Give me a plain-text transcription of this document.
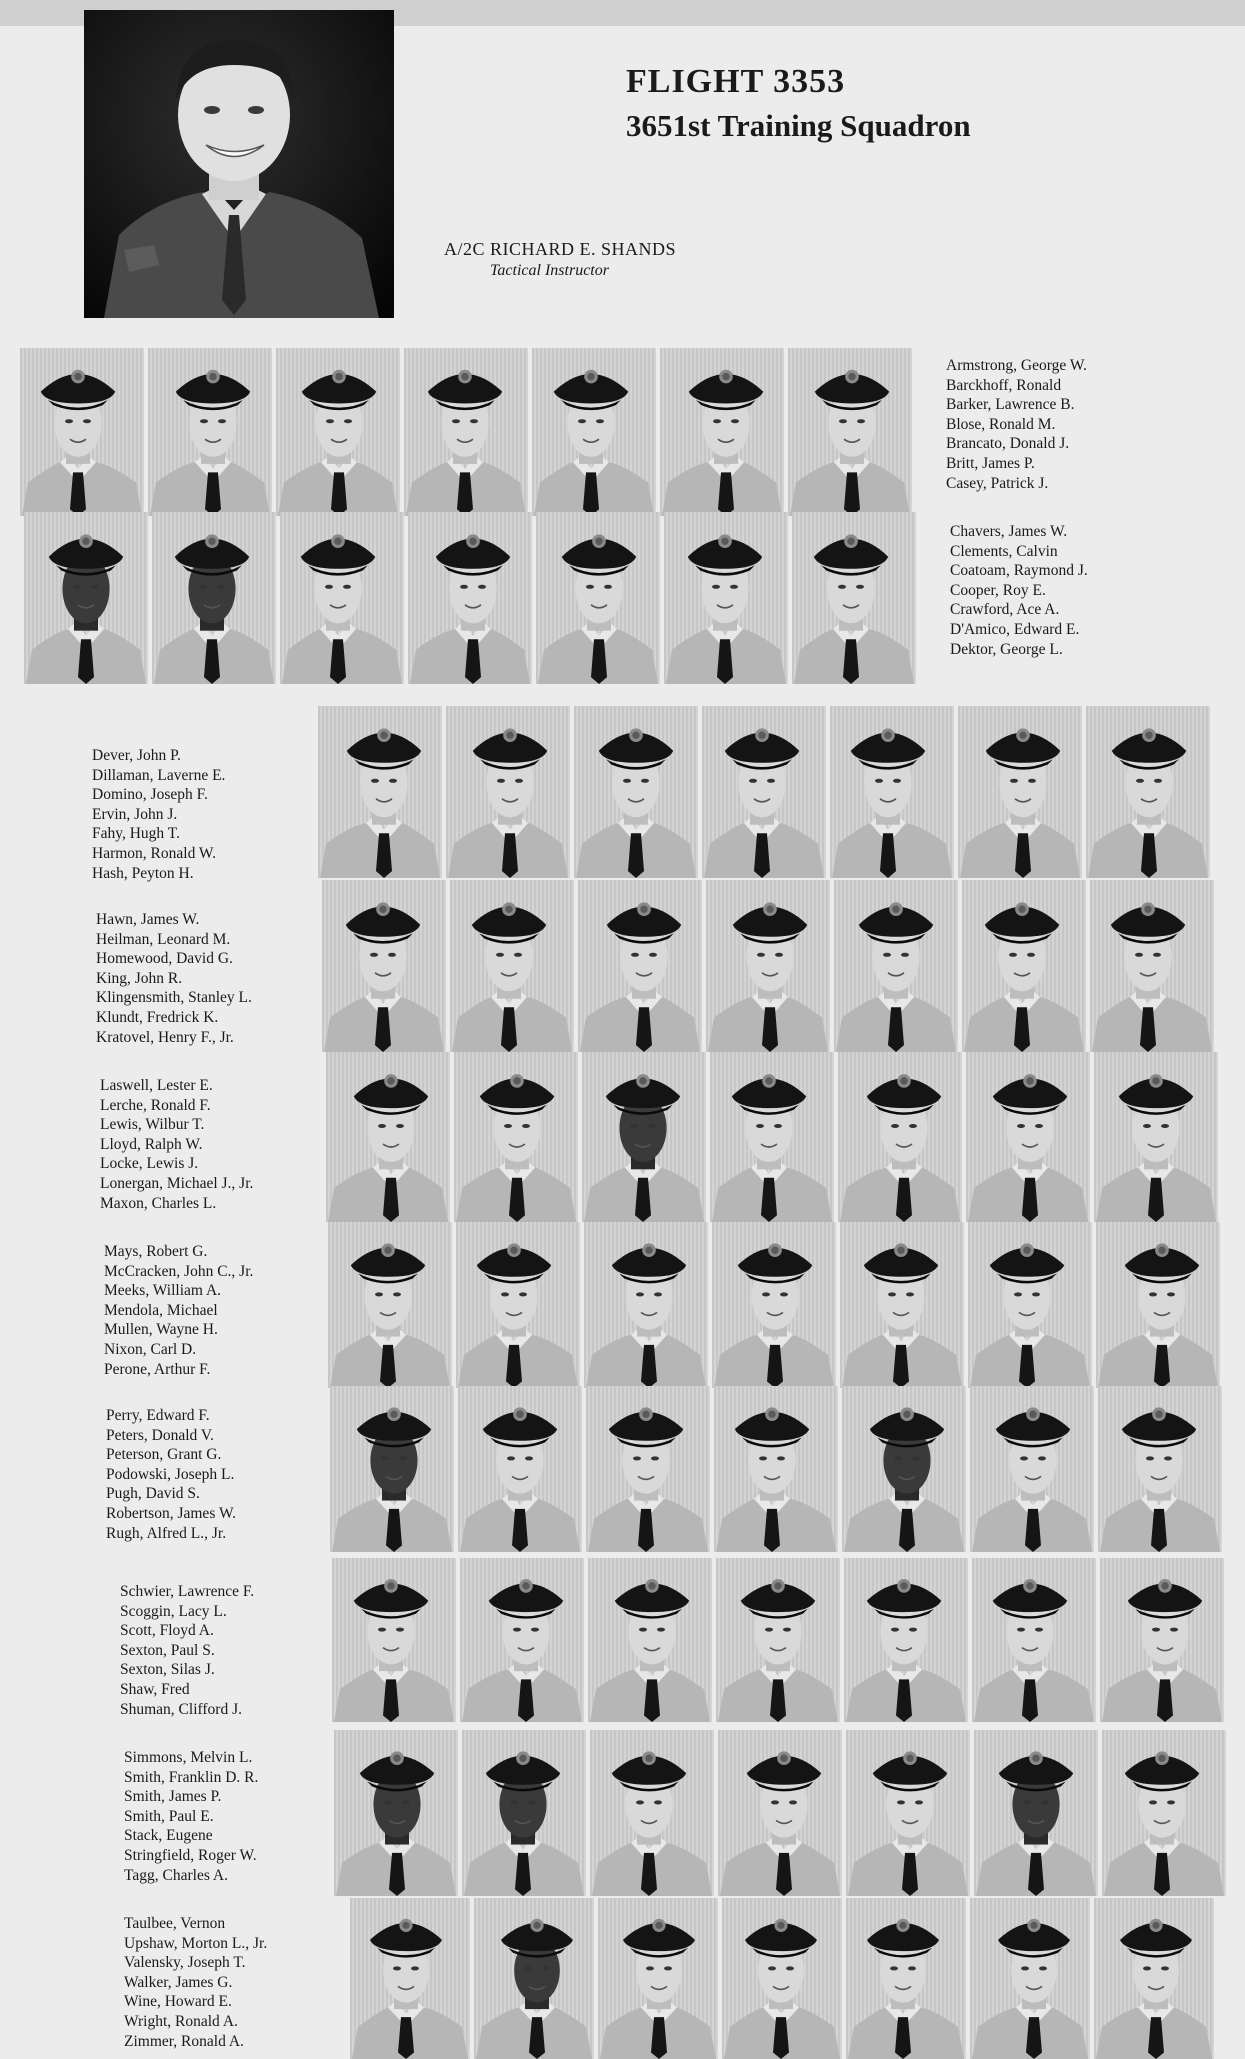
FLIGHT 3353
3651st Training Squadron
A/2C RICHARD E. SHANDS
Tactical Instructor
Armstrong, George W.
Barckhoff, Ronald
Barker, Lawrence B.
Blose, Ronald M.
Brancato, Donald J.
Britt, James P.
Casey, Patrick J.
Chavers, James W.
Clements, Calvin
Coatoam, Raymond J.
Cooper, Roy E.
Crawford, Ace A.
D'Amico, Edward E.
Dektor, George L.
Dever, John P.
Dillaman, Laverne E.
Domino, Joseph F.
Ervin, John J.
Fahy, Hugh T.
Harmon, Ronald W.
Hash, Peyton H.
Hawn, James W.
Heilman, Leonard M.
Homewood, David G.
King, John R.
Klingensmith, Stanley L.
Klundt, Fredrick K.
Kratovel, Henry F., Jr.
Laswell, Lester E.
Lerche, Ronald F.
Lewis, Wilbur T.
Lloyd, Ralph W.
Locke, Lewis J.
Lonergan, Michael J., Jr.
Maxon, Charles L.
Mays, Robert G.
McCracken, John C., Jr.
Meeks, William A.
Mendola, Michael
Mullen, Wayne H.
Nixon, Carl D.
Perone, Arthur F.
Perry, Edward F.
Peters, Donald V.
Peterson, Grant G.
Podowski, Joseph L.
Pugh, David S.
Robertson, James W.
Rugh, Alfred L., Jr.
Schwier, Lawrence F.
Scoggin, Lacy L.
Scott, Floyd A.
Sexton, Paul S.
Sexton, Silas J.
Shaw, Fred
Shuman, Clifford J.
Simmons, Melvin L.
Smith, Franklin D. R.
Smith, James P.
Smith, Paul E.
Stack, Eugene
Stringfield, Roger W.
Tagg, Charles A.
Taulbee, Vernon
Upshaw, Morton L., Jr.
Valensky, Joseph T.
Walker, James G.
Wine, Howard E.
Wright, Ronald A.
Zimmer, Ronald A.
